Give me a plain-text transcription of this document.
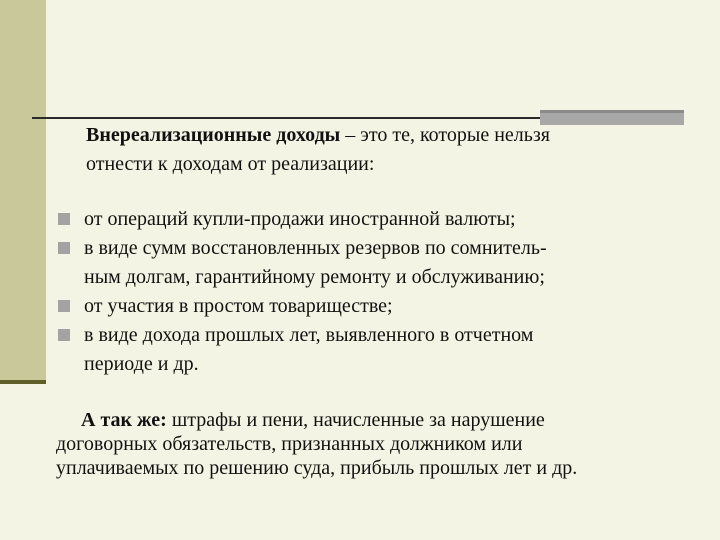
Внереализационные доходы – это те, которые нельзя
отнести к доходам от реализации:

от операций купли-продажи иностранной валюты;
в виде сумм восстановленных резервов по сомнитель-
ным долгам, гарантийному ремонту и обслуживанию;
от участия в простом товариществе;
в виде дохода прошлых лет, выявленного в отчетном
периоде и др.

А так же: штрафы и пени, начисленные за нарушение
договорных обязательств, признанных должником или
уплачиваемых по решению суда, прибыль прошлых лет и др.
